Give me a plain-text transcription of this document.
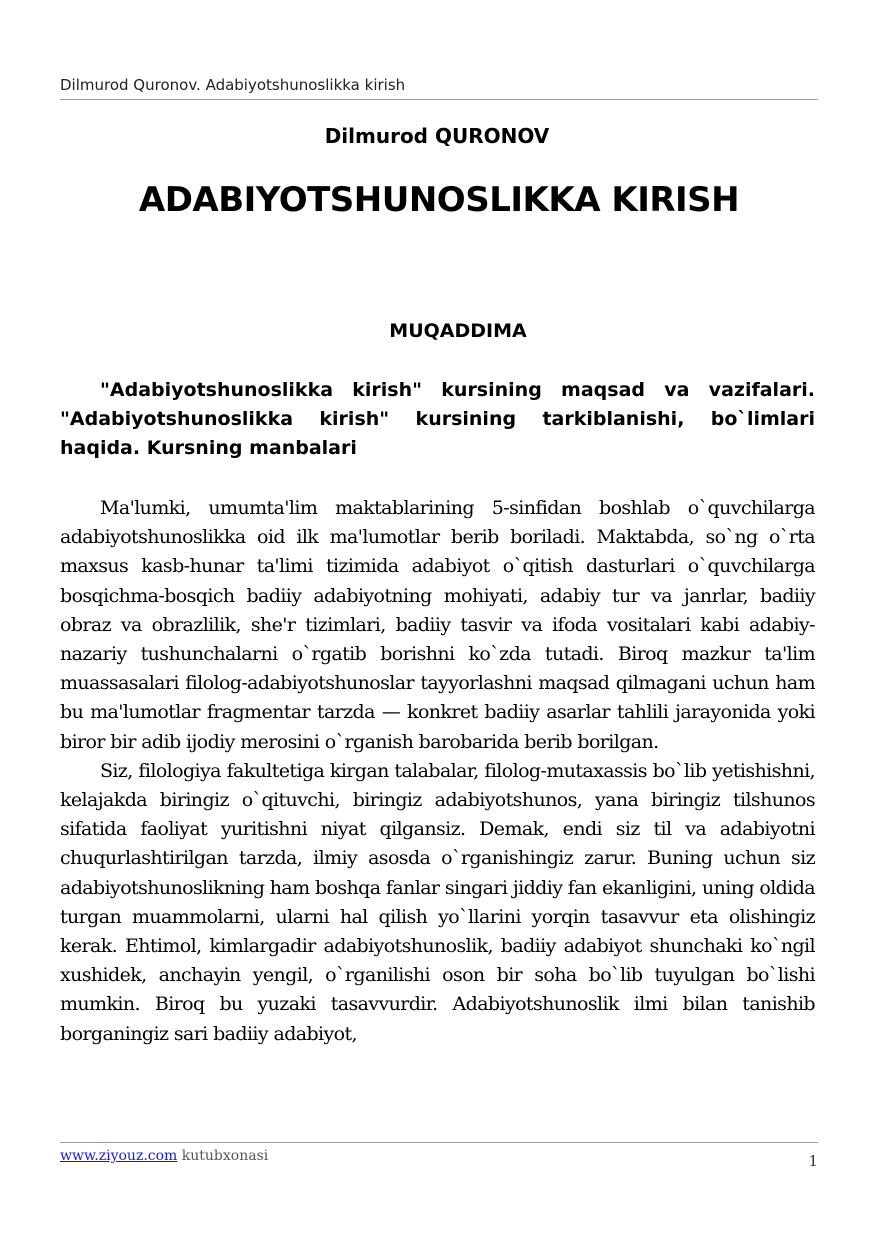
Dilmurod Quronov. Adabiyotshunoslikka kirish
Dilmurod QURONOV
ADABIYOTSHUNOSLIKKA KIRISH
MUQADDIMA

"Adabiyotshunoslikka kirish" kursining maqsad va vazifalari. "Adabiyotshunoslikka kirish" kursining tarkiblanishi, bo`limlari haqida. Kursning manbalari

Ma'lumki, umumta'lim maktablarining 5-sinfidan boshlab o`quvchilarga adabiyotshunoslikka oid ilk ma'lumotlar berib boriladi. Maktabda, so`ng o`rta maxsus kasb-hunar ta'limi tizimida adabiyot o`qitish dasturlari o`quvchilarga bosqichma-bosqich badiiy adabiyotning mohiyati, adabiy tur va janrlar, badiiy obraz va obrazlilik, she'r tizimlari, badiiy tasvir va ifoda vositalari kabi adabiy-nazariy tushunchalarni o`rgatib borishni ko`zda tutadi. Biroq mazkur ta'lim muassasalari filolog-adabiyotshunoslar tayyorlashni maqsad qilmagani uchun ham bu ma'lumotlar fragmentar tarzda — konkret badiiy asarlar tahlili jarayonida yoki biror bir adib ijodiy merosini o`rganish barobarida berib borilgan.

Siz, filologiya fakultetiga kirgan talabalar, filolog-mutaxassis bo`lib yetishishni, kelajakda biringiz o`qituvchi, biringiz adabiyotshunos, yana biringiz tilshunos sifatida faoliyat yuritishni niyat qilgansiz. Demak, endi siz til va adabiyotni chuqurlashtirilgan tarzda, ilmiy asosda o`rganishingiz zarur. Buning uchun siz adabiyotshunoslikning ham boshqa fanlar singari jiddiy fan ekanligini, uning oldida turgan muammolarni, ularni hal qilish yo`llarini yorqin tasavvur eta olishingiz kerak. Ehtimol, kimlargadir adabiyotshunoslik, badiiy adabiyot shunchaki ko`ngil xushidek, anchayin yengil, o`rganilishi oson bir soha bo`lib tuyulgan bo`lishi mumkin. Biroq bu yuzaki tasavvurdir. Adabiyotshunoslik ilmi bilan tanishib borganingiz sari badiiy adabiyot,

www.ziyouz.com kutubxonasi	1
